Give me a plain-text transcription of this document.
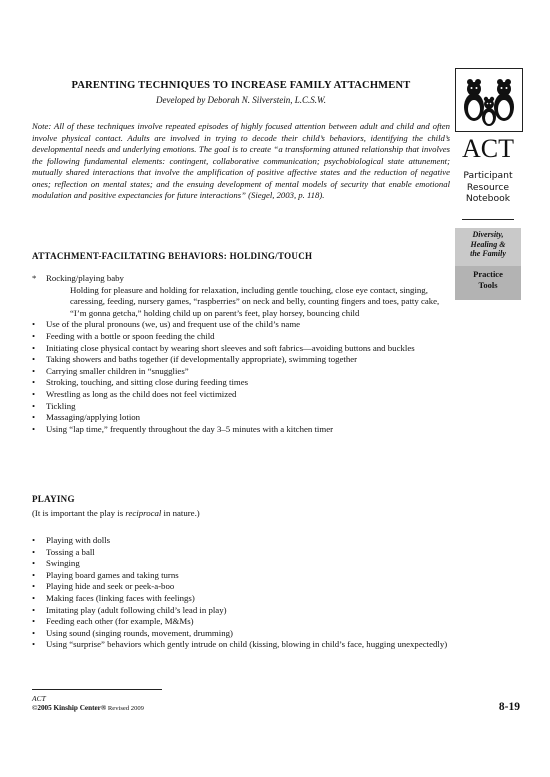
PARENTING TECHNIQUES TO INCREASE FAMILY ATTACHMENT
Developed by Deborah N. Silverstein, L.C.S.W.
Note: All of these techniques involve repeated episodes of highly focused attention between adult and child and often involve physical contact. Adults are involved in trying to decode their child’s behaviors, identifying the child’s developmental needs and underlying emotions. The goal is to create “a transforming attuned relationship that involves the following fundamental elements: contingent, collaborative communication; psychobiological state attunement; mutually shared interactions that involve the amplification of positive affective states and the reduction of negative ones; reflection on mental states; and the ensuing development of mental models of security that enable emotional modulation and positive expectancies for future interactions” (Siegel, 2003, p. 118).
ATTACHMENT-FACILTATING BEHAVIORS: HOLDING/TOUCH
*	Rocking/playing baby
Holding for pleasure and holding for relaxation, including gentle touching, close eye contact, singing, caressing, feeding, nursery games, “raspberries” on neck and belly, counting fingers and toes, patty cake, “I’m gonna getcha,” holding child up on parent’s feet, play horsey, bouncing child
•	Use of the plural pronouns (we, us) and frequent use of the child’s name
•	Feeding with a bottle or spoon feeding the child
•	Initiating close physical contact by wearing short sleeves and soft fabrics—avoiding buttons and buckles
•	Taking showers and baths together (if developmentally appropriate), swimming together
•	Carrying smaller children in “snugglies”
•	Stroking, touching, and sitting close during feeding times
•	Wrestling as long as the child does not feel victimized
•	Tickling
•	Massaging/applying lotion
•	Using “lap time,” frequently throughout the day 3–5 minutes with a kitchen timer
PLAYING
(It is important the play is reciprocal in nature.)
•	Playing with dolls
•	Tossing a ball
•	Swinging
•	Playing board games and taking turns
•	Playing hide and seek or peek-a-boo
•	Making faces (linking faces with feelings)
•	Imitating play (adult following child’s lead in play)
•	Feeding each other (for example, M&Ms)
•	Using sound (singing rounds, movement, drumming)
•	Using “surprise” behaviors which gently intrude on child (kissing, blowing in child’s face, hugging unexpectedly)
ACT
Participant
Resource
Notebook
Diversity,
Healing &
the Family
Practice
Tools
ACT
©2005 Kinship Center® Revised 2009	8-19
